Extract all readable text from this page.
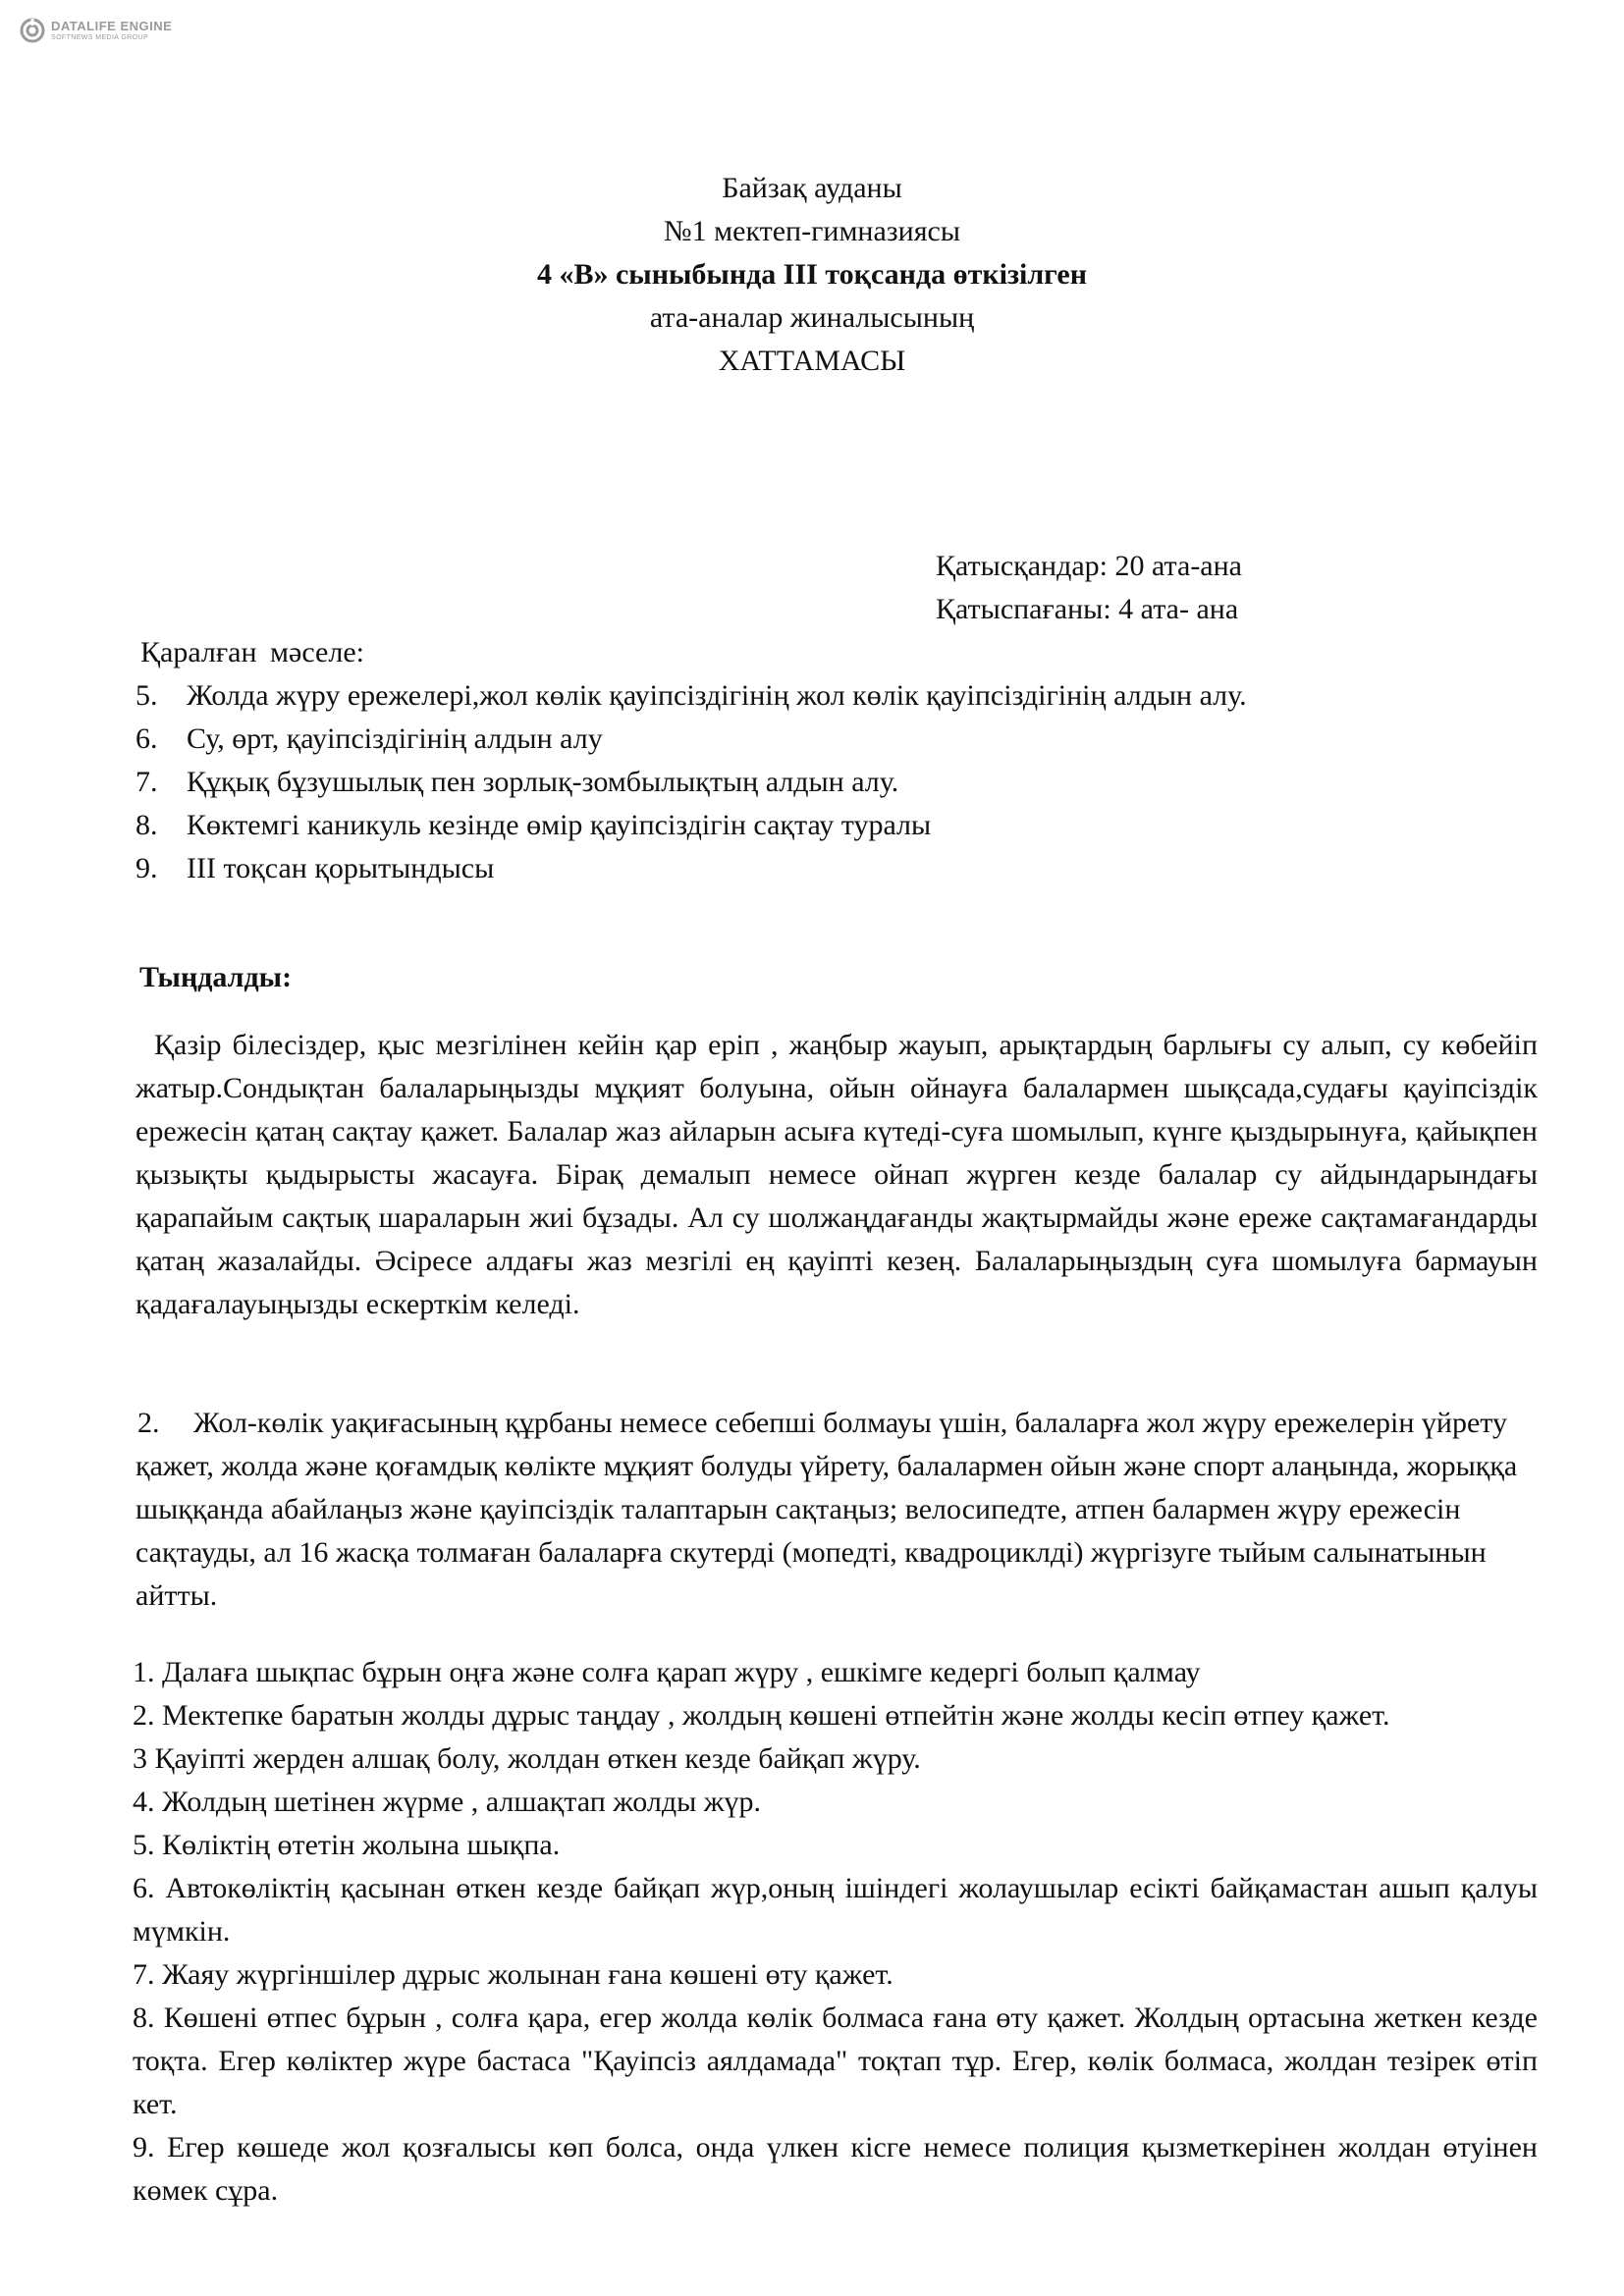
DATALIFE ENGINE
SOFTNEWS MEDIA GROUP
Байзақ ауданы
№1 мектеп-гимназиясы
4 «В» сыныбында ІІІ тоқсанда өткізілген
ата-аналар жиналысының
ХАТТАМАСЫ
Қатысқандар: 20 ата-ана
Қатыспағаны: 4 ата- ана
Қаралған мәселе:
5. Жолда жүру ережелері,жол көлік қауіпсіздігінің жол көлік қауіпсіздігінің алдын алу.
6. Су, өрт, қауіпсіздігінің алдын алу
7. Құқық бұзушылық пен зорлық-зомбылықтың алдын алу.
8. Көктемгі каникуль кезінде өмір қауіпсіздігін сақтау туралы
9. ІІІ тоқсан қорытындысы
Тыңдалды:

Қазір білесіздер, қыс мезгілінен кейін қар еріп , жаңбыр жауып, арықтардың барлығы су алып, су көбейіп жатыр.Сондықтан балаларыңызды мұқият болуына, ойын ойнауға балалармен шықсада,судағы қауіпсіздік ережесін қатаң сақтау қажет. Балалар жаз айларын асыға күтеді-суға шомылып, күнге қыздырынуға, қайықпен қызықты қыдырысты жасауға. Бірақ демалып немесе ойнап жүрген кезде балалар су айдындарындағы қарапайым сақтық шараларын жиі бұзады. Ал су шолжаңдағанды жақтырмайды және ереже сақтамағандарды қатаң жазалайды. Әсіресе алдағы жаз мезгілі ең қауіпті кезең. Балаларыңыздың суға шомылуға бармауын қадағалауыңызды ескерткім келеді.

2. Жол-көлік уақиғасының құрбаны немесе себепші болмауы үшін, балаларға жол жүру ережелерін үйрету қажет, жолда және қоғамдық көлікте мұқият болуды үйрету, балалармен ойын және спорт алаңында, жорыққа шыққанда абайлаңыз және қауіпсіздік талаптарын сақтаңыз; велосипедте, атпен балармен жүру ережесін сақтауды, ал 16 жасқа толмаған балаларға скутерді (мопедті, квадроциклді) жүргізуге тыйым салынатынын айтты.

1. Далаға шықпас бұрын оңға және солға қарап жүру , ешкімге кедергі болып қалмау
2. Мектепке баратын жолды дұрыс таңдау , жолдың көшені өтпейтін және жолды кесіп өтпеу қажет.
3 Қауіпті жерден алшақ болу, жолдан өткен кезде байқап жүру.
4. Жолдың шетінен жүрме , алшақтап жолды жүр.
5. Көліктің өтетін жолына шықпа.
6. Автокөліктің қасынан өткен кезде байқап жүр,оның ішіндегі жолаушылар есікті байқамастан ашып қалуы мүмкін.
7. Жаяу жүргіншілер дұрыс жолынан ғана көшені өту қажет.
8. Көшені өтпес бұрын , солға қара, егер жолда көлік болмаса ғана өту қажет. Жолдың ортасына жеткен кезде тоқта. Егер көліктер жүре бастаса "Қауіпсіз аялдамада" тоқтап тұр. Егер, көлік болмаса, жолдан тезірек өтіп кет.
9. Егер көшеде жол қозғалысы көп болса, онда үлкен кісге немесе полиция қызметкерінен жолдан өтуінен көмек сұра.
